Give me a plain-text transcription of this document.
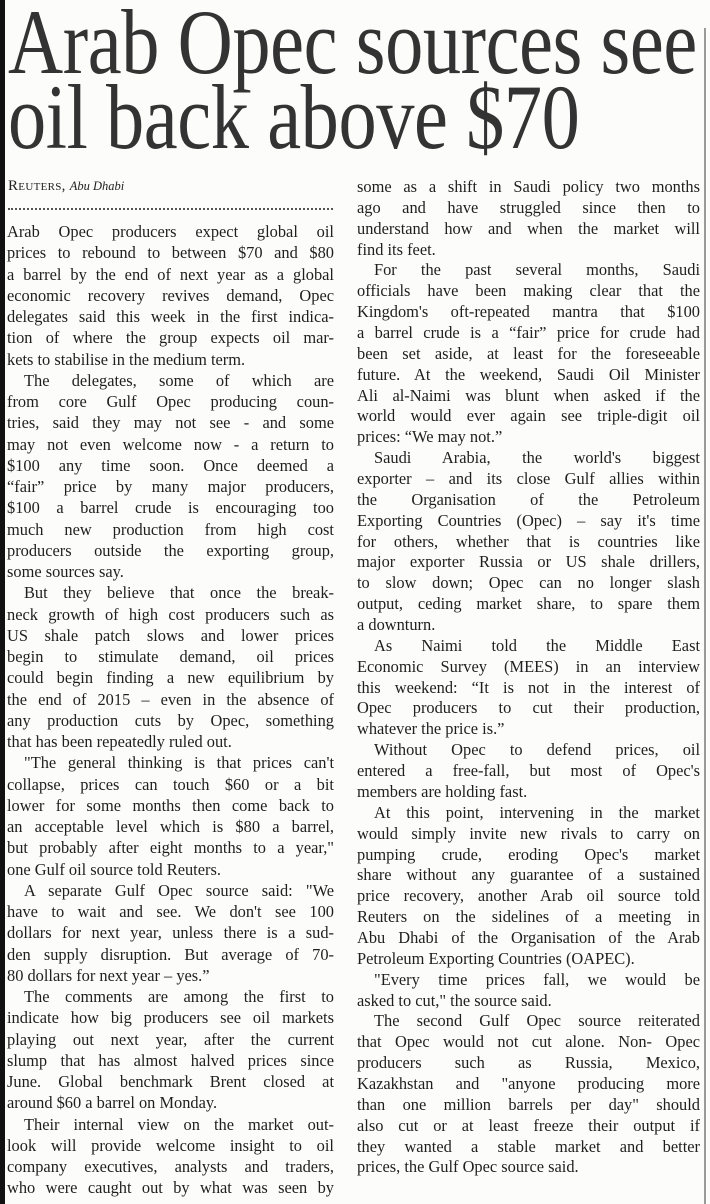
Arab Opec sources see
oil back above $70
Reuters, Abu Dhabi
Arab Opec producers expect global oil
prices to rebound to between $70 and $80
a barrel by the end of next year as a global
economic recovery revives demand, Opec
delegates said this week in the first indica-
tion of where the group expects oil mar-
kets to stabilise in the medium term.
The delegates, some of which are
from core Gulf Opec producing coun-
tries, said they may not see - and some
may not even welcome now - a return to
$100 any time soon. Once deemed a
“fair” price by many major producers,
$100 a barrel crude is encouraging too
much new production from high cost
producers outside the exporting group,
some sources say.
But they believe that once the break-
neck growth of high cost producers such as
US shale patch slows and lower prices
begin to stimulate demand, oil prices
could begin finding a new equilibrium by
the end of 2015 – even in the absence of
any production cuts by Opec, something
that has been repeatedly ruled out.
"The general thinking is that prices can't
collapse, prices can touch $60 or a bit
lower for some months then come back to
an acceptable level which is $80 a barrel,
but probably after eight months to a year,"
one Gulf oil source told Reuters.
A separate Gulf Opec source said: "We
have to wait and see. We don't see 100
dollars for next year, unless there is a sud-
den supply disruption. But average of 70-
80 dollars for next year – yes.”
The comments are among the first to
indicate how big producers see oil markets
playing out next year, after the current
slump that has almost halved prices since
June. Global benchmark Brent closed at
around $60 a barrel on Monday.
Their internal view on the market out-
look will provide welcome insight to oil
company executives, analysts and traders,
who were caught out by what was seen by
some as a shift in Saudi policy two months
ago and have struggled since then to
understand how and when the market will
find its feet.
For the past several months, Saudi
officials have been making clear that the
Kingdom's oft-repeated mantra that $100
a barrel crude is a “fair” price for crude had
been set aside, at least for the foreseeable
future. At the weekend, Saudi Oil Minister
Ali al-Naimi was blunt when asked if the
world would ever again see triple-digit oil
prices: “We may not.”
Saudi Arabia, the world's biggest
exporter – and its close Gulf allies within
the Organisation of the Petroleum
Exporting Countries (Opec) – say it's time
for others, whether that is countries like
major exporter Russia or US shale drillers,
to slow down; Opec can no longer slash
output, ceding market share, to spare them
a downturn.
As Naimi told the Middle East
Economic Survey (MEES) in an interview
this weekend: “It is not in the interest of
Opec producers to cut their production,
whatever the price is.”
Without Opec to defend prices, oil
entered a free-fall, but most of Opec's
members are holding fast.
At this point, intervening in the market
would simply invite new rivals to carry on
pumping crude, eroding Opec's market
share without any guarantee of a sustained
price recovery, another Arab oil source told
Reuters on the sidelines of a meeting in
Abu Dhabi of the Organisation of the Arab
Petroleum Exporting Countries (OAPEC).
"Every time prices fall, we would be
asked to cut," the source said.
The second Gulf Opec source reiterated
that Opec would not cut alone. Non- Opec
producers such as Russia, Mexico,
Kazakhstan and "anyone producing more
than one million barrels per day" should
also cut or at least freeze their output if
they wanted a stable market and better
prices, the Gulf Opec source said.
